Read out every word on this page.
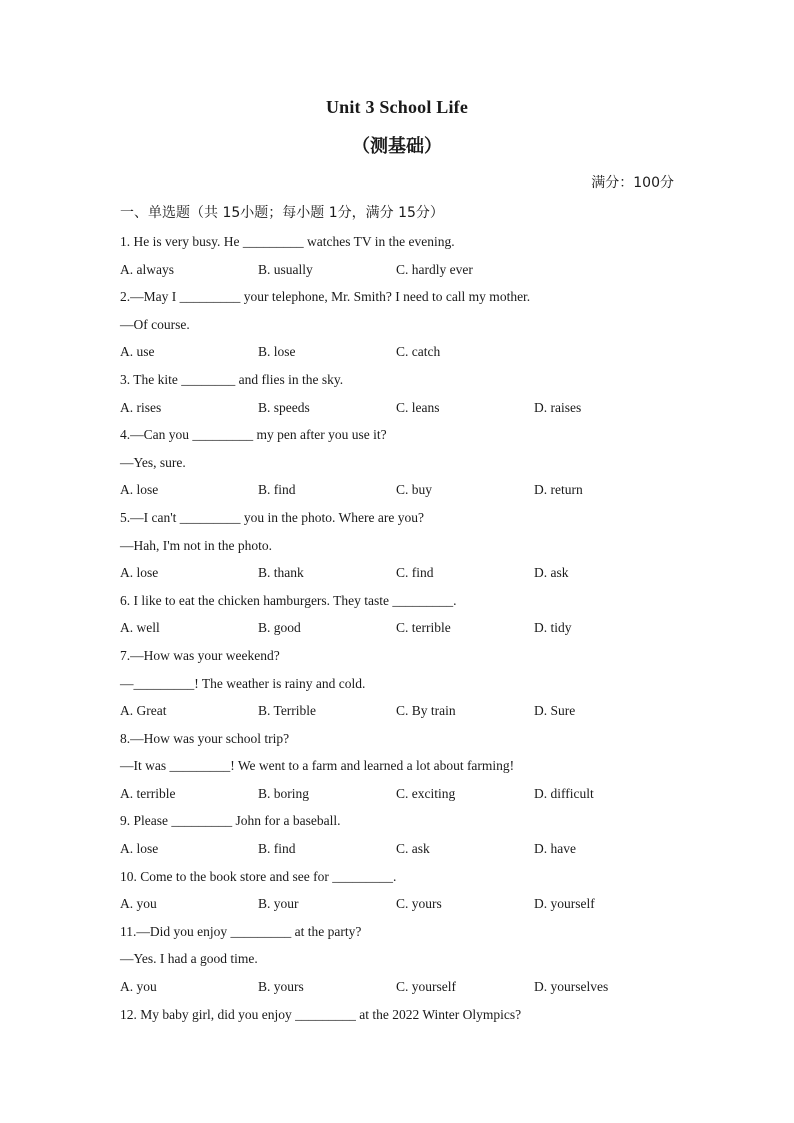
Unit 3 School Life
（测基础）
满分：100分
一、单选题（共 15小题；每小题 1分，满分 15分）
1. He is very busy. He _________ watches TV in the evening.
A. always	B. usually	C. hardly ever
2.—May I _________ your telephone, Mr. Smith? I need to call my mother.
—Of course.
A. use	B. lose	C. catch
3. The kite ________ and flies in the sky.
A. rises	B. speeds	C. leans	D. raises
4.—Can you _________ my pen after you use it?
—Yes, sure.
A. lose	B. find	C. buy	D. return
5.—I can't _________ you in the photo. Where are you?
—Hah, I'm not in the photo.
A. lose	B. thank	C. find	D. ask
6. I like to eat the chicken hamburgers. They taste _________.
A. well	B. good	C. terrible	D. tidy
7.—How was your weekend?
—_________! The weather is rainy and cold.
A. Great	B. Terrible	C. By train	D. Sure
8.—How was your school trip?
—It was _________! We went to a farm and learned a lot about farming!
A. terrible	B. boring	C. exciting	D. difficult
9. Please _________ John for a baseball.
A. lose	B. find	C. ask	D. have
10. Come to the book store and see for _________.
A. you	B. your	C. yours	D. yourself
11.—Did you enjoy _________ at the party?
—Yes. I had a good time.
A. you	B. yours	C. yourself	D. yourselves
12. My baby girl, did you enjoy _________ at the 2022 Winter Olympics?
